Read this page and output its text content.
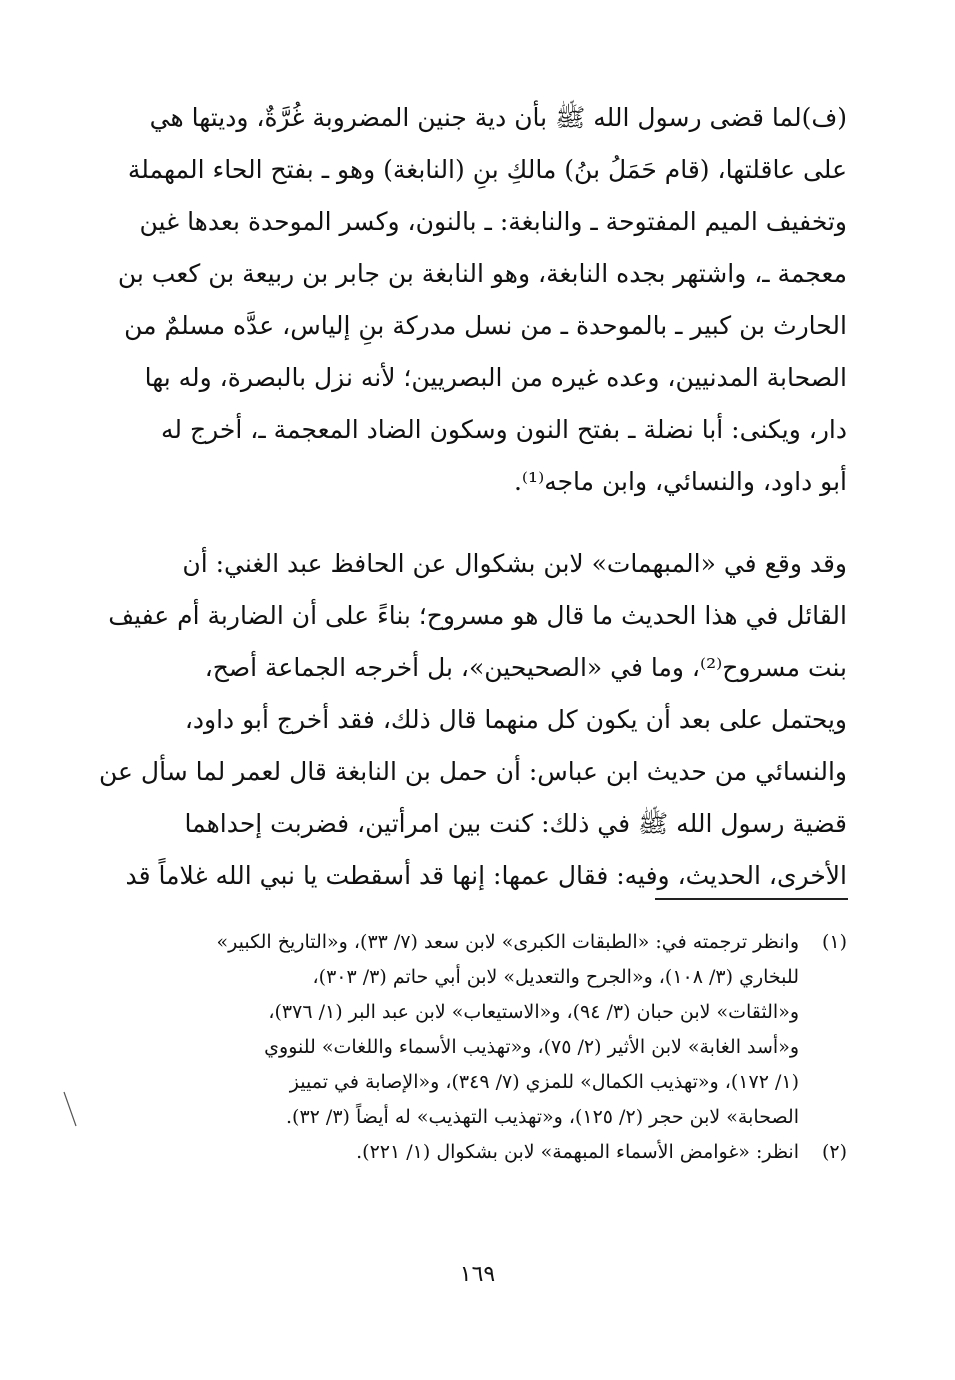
(ف)لما قضى رسول الله ﷺ بأن دية جنين المضروبة غُرَّةٌ، وديتها هي

على عاقلتها، (قام حَمَلُ بنُ) مالكِ بنِ (النابغة) وهو ـ بفتح الحاء المهملة

وتخفيف الميم المفتوحة ـ والنابغة: ـ بالنون، وكسر الموحدة بعدها غين

معجمة ـ، واشتهر بجده النابغة، وهو النابغة بن جابر بن ربيعة بن كعب بن

الحارث بن كبير ـ بالموحدة ـ من نسل مدركة بنِ إلياس، عدَّه مسلمٌ من

الصحابة المدنيين، وعده غيره من البصريين؛ لأنه نزل بالبصرة، وله بها

دار، ويكنى: أبا نضلة ـ بفتح النون وسكون الضاد المعجمة ـ، أخرج له

أبو داود، والنسائي، وابن ماجه⁽¹⁾.

وقد وقع في «المبهمات» لابن بشكوال عن الحافظ عبد الغني: أن

القائل في هذا الحديث ما قال هو مسروح؛ بناءً على أن الضاربة أم عفيف

بنت مسروح⁽²⁾، وما في «الصحيحين»، بل أخرجه الجماعة أصح،

ويحتمل على بعد أن يكون كل منهما قال ذلك، فقد أخرج أبو داود،

والنسائي من حديث ابن عباس: أن حمل بن النابغة قال لعمر لما سأل عن

قضية رسول الله ﷺ في ذلك: كنت بين امرأتين، فضربت إحداهما

الأخرى، الحديث، وفيه: فقال عمها: إنها قد أسقطت يا نبي الله غلاماً قد

(١)
وانظر ترجمته في: «الطبقات الكبرى» لابن سعد (٧/ ٣٣)، و«التاريخ الكبير»
للبخاري (٣/ ١٠٨)، و«الجرح والتعديل» لابن أبي حاتم (٣/ ٣٠٣)،
و«الثقات» لابن حبان (٣/ ٩٤)، و«الاستيعاب» لابن عبد البر (١/ ٣٧٦)،
و«أسد الغابة» لابن الأثير (٢/ ٧٥)، و«تهذيب الأسماء واللغات» للنووي
(١/ ١٧٢)، و«تهذيب الكمال» للمزي (٧/ ٣٤٩)، و«الإصابة في تمييز
الصحابة» لابن حجر (٢/ ١٢٥)، و«تهذيب التهذيب» له أيضاً (٣/ ٣٢).
(٢)
انظر: «غوامض الأسماء المبهمة» لابن بشكوال (١/ ٢٢١).
١٦٩
